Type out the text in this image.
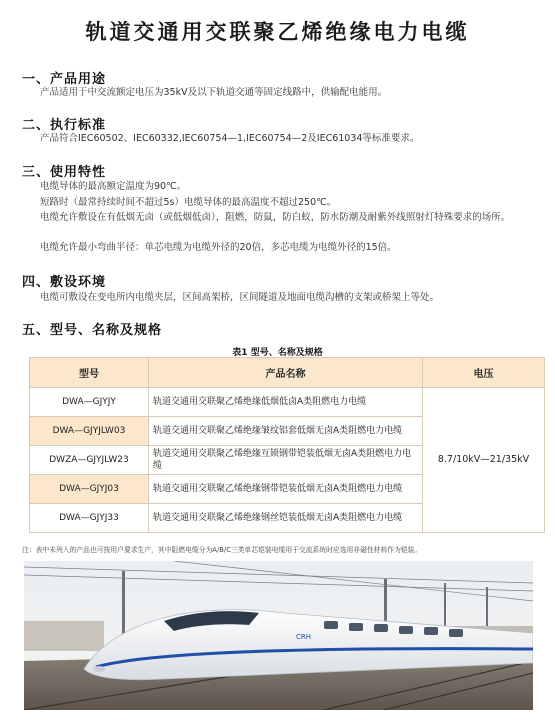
轨道交通用交联聚乙烯绝缘电力电缆
一、产品用途
产品适用于中交流额定电压为35kV及以下轨道交通等固定线路中，供输配电能用。
二、执行标准
产品符合IEC60502、IEC60332,IEC60754—1,IEC60754—2及IEC61034等标准要求。
三、使用特性
电缆导体的最高额定温度为90℃。
短路时（最常持续时间不超过5s）电缆导体的最高温度不超过250℃。
电缆允许敷设在有低烟无卤（或低烟低卤），阻燃，防鼠，防白蚁，防水防潮及耐紫外线照射灯特殊要求的场所。
电缆允许最小弯曲半径：单芯电缆为电缆外径的20倍，多芯电缆为电缆外径的15倍。
四、敷设环境
电缆可敷设在变电所内电缆夹层，区间高架桥，区间隧道及地面电缆沟槽的支架或桥架上等处。
五、型号、名称及规格
表1 型号、名称及规格
型号	产品名称	电压
DWA—GJYJY	轨道交通用交联聚乙烯绝缘低烟低卤A类阻燃电力电缆	8.7/10kV—21/35kV
DWA—GJYJLW03	轨道交通用交联聚乙烯绝缘皱纹铝套低烟无卤A类阻燃电力电缆	
DWZA—GJYJLW23	轨道交通用交联聚乙烯绝缘互锁钢带铠装低烟无卤A类阻燃电力电缆	
DWA—GJYJ03	轨道交通用交联聚乙烯绝缘钢带铠装低烟无卤A类阻燃电力电缆	
DWA—GJYJ33	轨道交通用交联聚乙烯绝缘钢丝铠装低烟无卤A类阻燃电力电缆	
注：表中未列入的产品也可按用户要求生产，其中阻燃电缆分为A/B/C三类单芯铠装电缆用于交流系统时应选用非磁性材料作为铠装。
CRH
